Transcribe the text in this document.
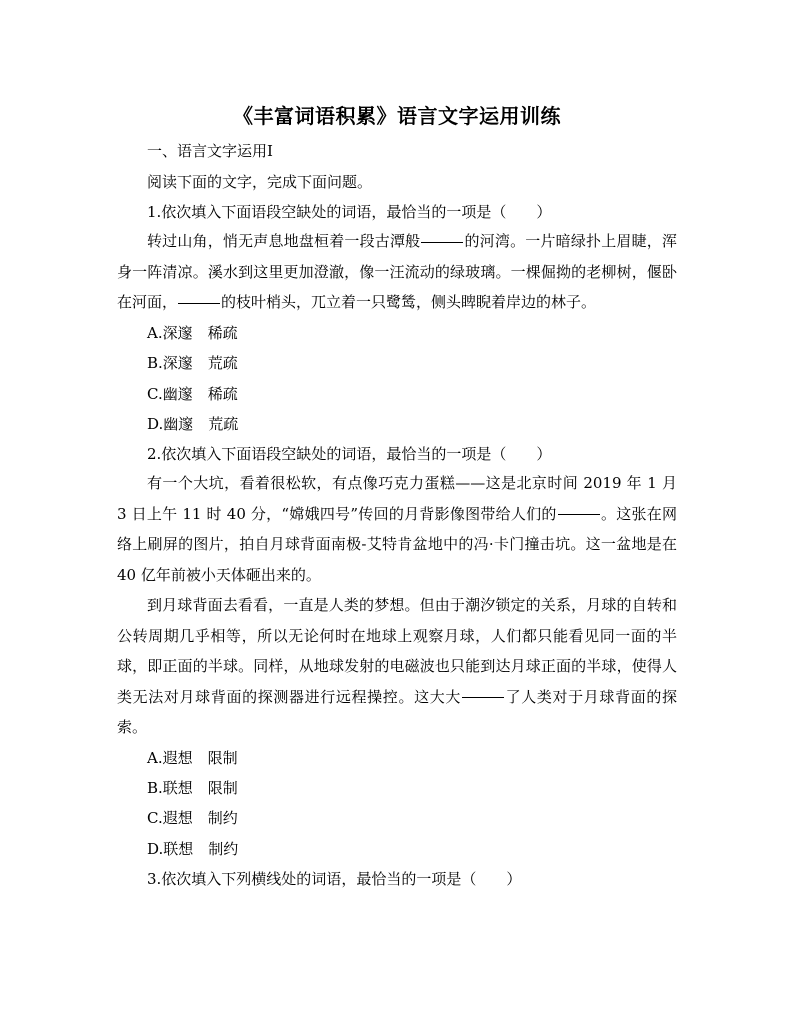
《丰富词语积累》语言文字运用训练
一、语言文字运用Ⅰ
阅读下面的文字，完成下面问题。
1.依次填入下面语段空缺处的词语，最恰当的一项是（　　）
转过山角，悄无声息地盘桓着一段古潭般	的河湾。一片暗绿扑上眉睫，浑身一阵清凉。溪水到这里更加澄澈，像一汪流动的绿玻璃。一棵倔拗的老柳树，偃卧在河面，	的枝叶梢头，兀立着一只鹭鸶，侧头睥睨着岸边的林子。
A.深邃　稀疏
B.深邃　荒疏
C.幽邃　稀疏
D.幽邃　荒疏
2.依次填入下面语段空缺处的词语，最恰当的一项是（　　）
有一个大坑，看着很松软，有点像巧克力蛋糕——这是北京时间 2019 年 1 月 3 日上午 11 时 40 分，“嫦娥四号”传回的月背影像图带给人们的	。这张在网络上刷屏的图片，拍自月球背面南极-艾特肯盆地中的冯·卡门撞击坑。这一盆地是在 40 亿年前被小天体砸出来的。
到月球背面去看看，一直是人类的梦想。但由于潮汐锁定的关系，月球的自转和公转周期几乎相等，所以无论何时在地球上观察月球，人们都只能看见同一面的半球，即正面的半球。同样，从地球发射的电磁波也只能到达月球正面的半球，使得人类无法对月球背面的探测器进行远程操控。这大大	了人类对于月球背面的探索。
A.遐想　限制
B.联想　限制
C.遐想　制约
D.联想　制约
3.依次填入下列横线处的词语，最恰当的一项是（　　）
